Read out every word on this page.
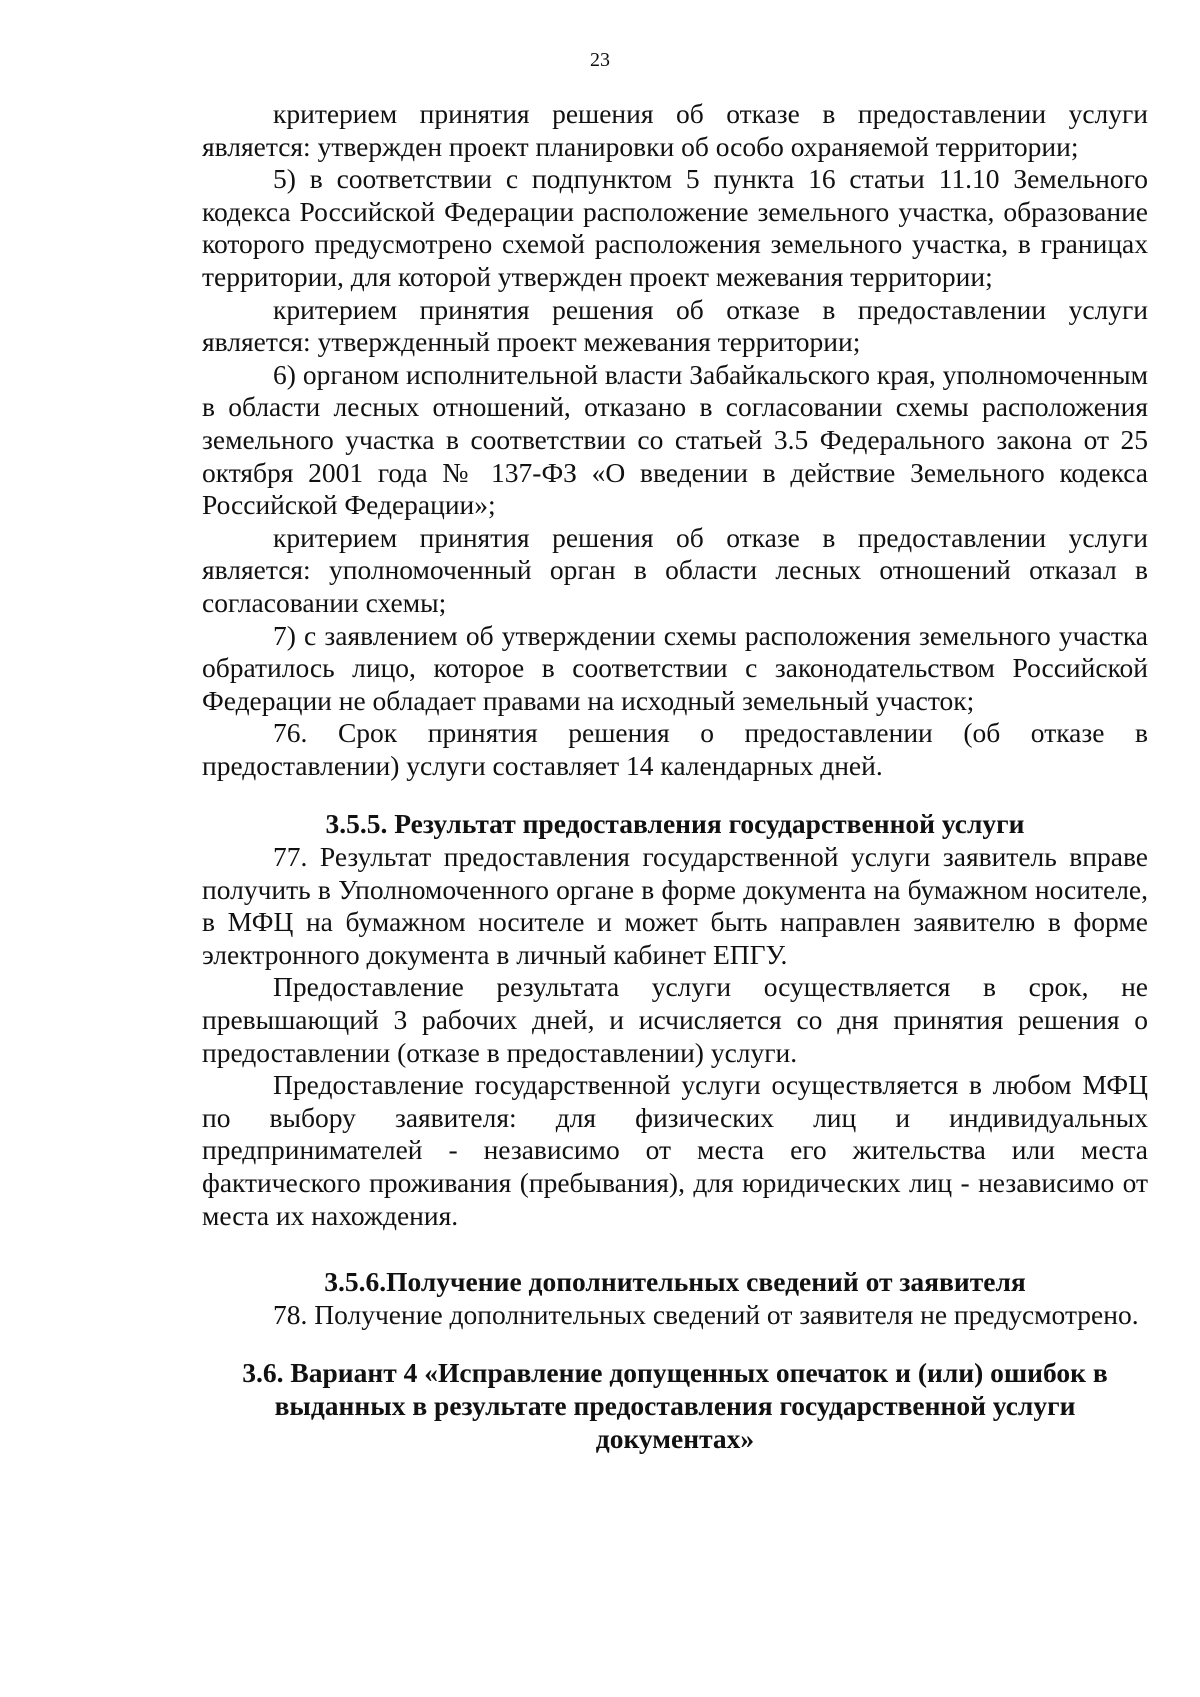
23

критерием принятия решения об отказе в предоставлении услуги является: утвержден проект планировки об особо охраняемой территории;

5) в соответствии с подпунктом 5 пункта 16 статьи 11.10 Земельного кодекса Российской Федерации расположение земельного участка, образование которого предусмотрено схемой расположения земельного участка, в границах территории, для которой утвержден проект межевания территории;

критерием принятия решения об отказе в предоставлении услуги является: утвержденный проект межевания территории;

6) органом исполнительной власти Забайкальского края, уполномоченным в области лесных отношений, отказано в согласовании схемы расположения земельного участка в соответствии со статьей 3.5 Федерального закона от 25 октября 2001 года № 137-ФЗ «О введении в действие Земельного кодекса Российской Федерации»;

критерием принятия решения об отказе в предоставлении услуги является: уполномоченный орган в области лесных отношений отказал в согласовании схемы;

7) с заявлением об утверждении схемы расположения земельного участка обратилось лицо, которое в соответствии с законодательством Российской Федерации не обладает правами на исходный земельный участок;

76. Срок принятия решения о предоставлении (об отказе в предоставлении) услуги составляет 14 календарных дней.

3.5.5. Результат предоставления государственной услуги

77. Результат предоставления государственной услуги заявитель вправе получить в Уполномоченного органе в форме документа на бумажном носителе, в МФЦ на бумажном носителе и может быть направлен заявителю в форме электронного документа в личный кабинет ЕПГУ.

Предоставление результата услуги осуществляется в срок, не превышающий 3 рабочих дней, и исчисляется со дня принятия решения о предоставлении (отказе в предоставлении) услуги.

Предоставление государственной услуги осуществляется в любом МФЦ по выбору заявителя: для физических лиц и индивидуальных предпринимателей - независимо от места его жительства или места фактического проживания (пребывания), для юридических лиц - независимо от места их нахождения.

3.5.6.Получение дополнительных сведений от заявителя

78. Получение дополнительных сведений от заявителя не предусмотрено.

3.6. Вариант 4 «Исправление допущенных опечаток и (или) ошибок в выданных в результате предоставления государственной услуги документах»
